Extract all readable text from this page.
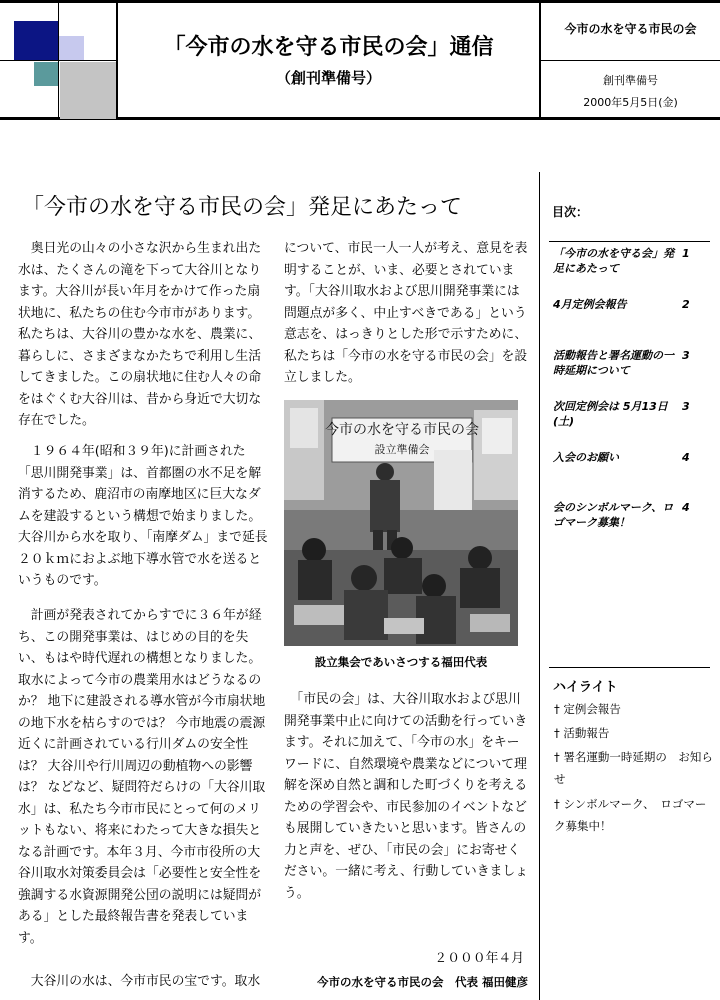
「今市の水を守る市民の会」通信
（創刊準備号）
今市の水を守る市民の会
創刊準備号
2000年5月5日(金)
「今市の水を守る市民の会」発足にあたって

　奥日光の山々の小さな沢から生まれ出た水は、たくさんの滝を下って大谷川となります。大谷川が長い年月をかけて作った扇状地に、私たちの住む今市市があります。私たちは、大谷川の豊かな水を、農業に、暮らしに、さまざまなかたちで利用し生活してきました。この扇状地に住む人々の命をはぐくむ大谷川は、昔から身近で大切な存在でした。

　１９６４年(昭和３９年)に計画された「思川開発事業」は、首都圏の水不足を解消するため、鹿沼市の南摩地区に巨大なダムを建設するという構想で始まりました。大谷川から水を取り、「南摩ダム」まで延長２０ｋｍにおよぶ地下導水管で水を送るというものです。

　計画が発表されてからすでに３６年が経ち、この開発事業は、はじめの目的を失い、もはや時代遅れの構想となりました。取水によって今市の農業用水はどうなるのか？ 地下に建設される導水管が今市扇状地の地下水を枯らすのでは？ 今市地震の震源近くに計画されている行川ダムの安全性は？ 大谷川や行川周辺の動植物への影響は？ などなど、疑問符だらけの「大谷川取水」は、私たち今市市民にとって何のメリットもない、将来にわたって大きな損失となる計画です。本年３月、今市市役所の大谷川取水対策委員会は「必要性と安全性を強調する水資源開発公団の説明には疑問がある」とした最終報告書を発表しています。

　大谷川の水は、今市市民の宝です。取水

について、市民一人一人が考え、意見を表明することが、いま、必要とされています。「大谷川取水および思川開発事業には問題点が多く、中止すべきである」という意志を、はっきりとした形で示すために、私たちは「今市の水を守る市民の会」を設立しました。

　「市民の会」は、大谷川取水および思川開発事業中止に向けての活動を行っていきます。それに加えて、「今市の水」をキーワードに、自然環境や農業などについて理解を深め自然と調和した町づくりを考えるための学習会や、市民参加のイベントなども展開していきたいと思います。皆さんの力と声を、ぜひ、「市民の会」にお寄せください。一緒に考え、行動していきましょう。

今市の水を守る市民の会
設立準備会
設立集会であいさつする福田代表
２０００年４月
今市の水を守る市民の会　代表 福田健彦
目次：
「今市の水を守る会」発足にあたって
1
4月定例会報告	2
活動報告と署名運動の一時延期について
3
次回定例会は 5月13日(土)
3
入会のお願い	4
会のシンボルマーク、ロゴマーク募集！
4
ハイライト
† 定例会報告
† 活動報告
† 署名運動一時延期の　お知らせ
† シンボルマーク、　ロゴマーク募集中！
